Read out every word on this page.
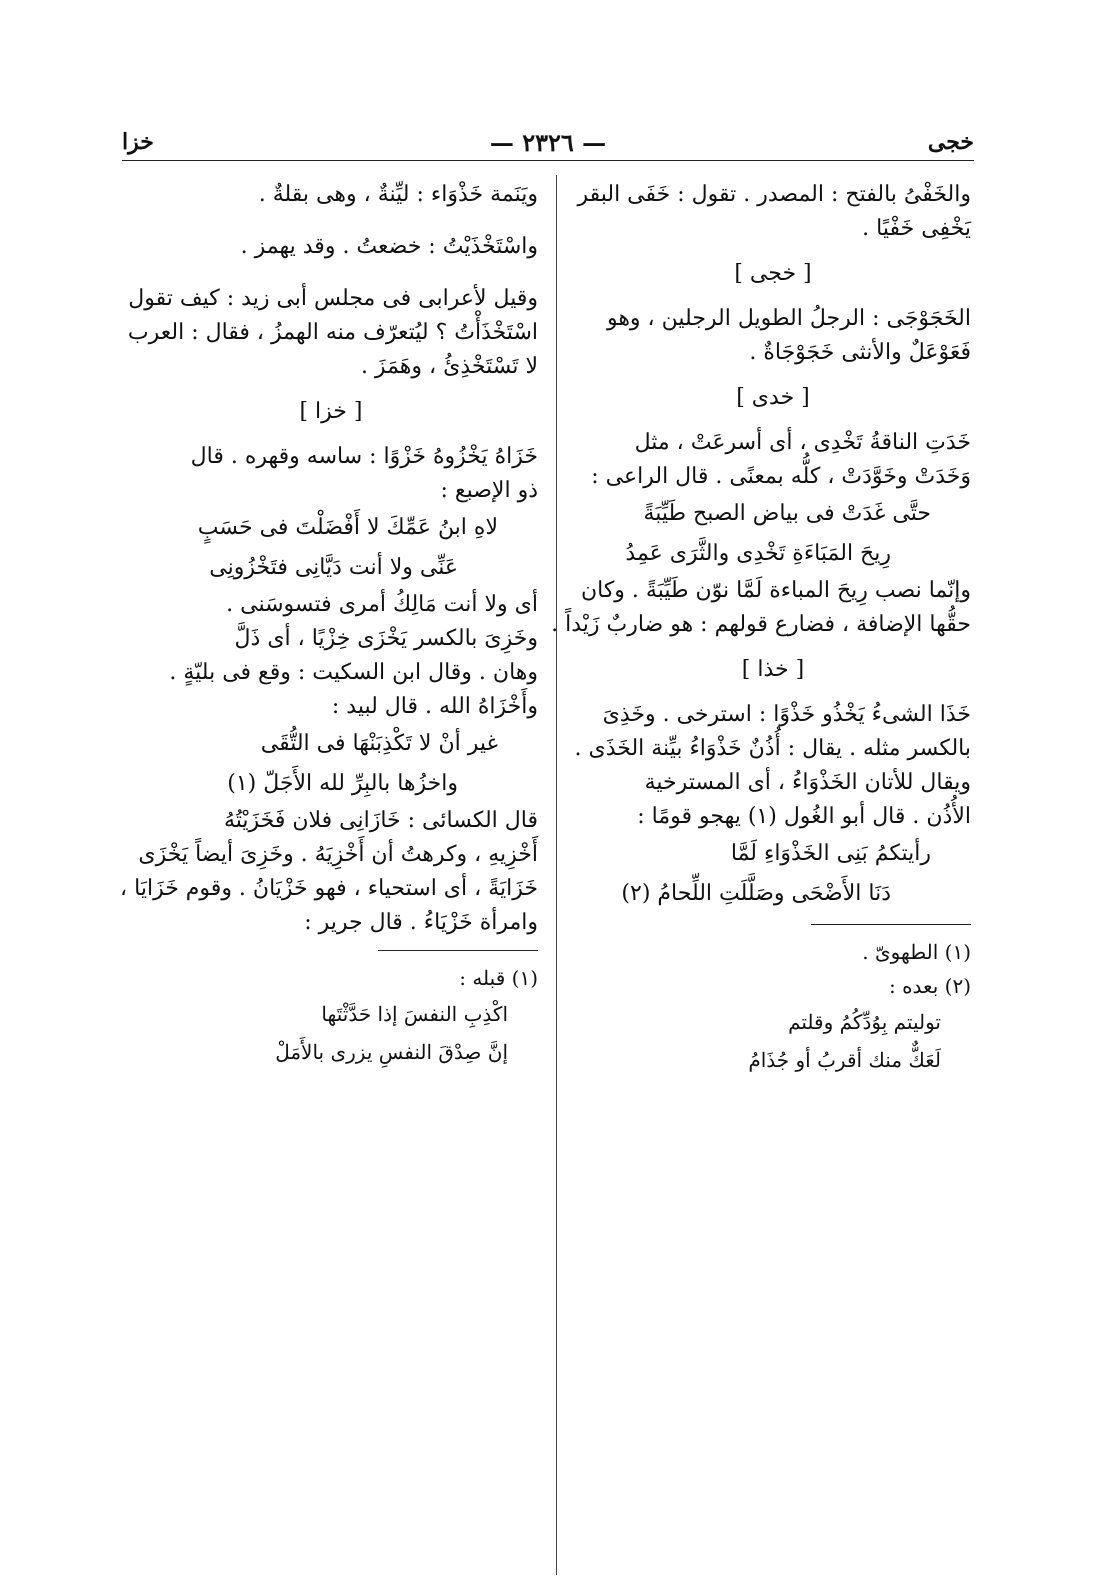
خجى
— ٢٣٢٦ —
خزا

والخَفْىُ بالفتح : المصدر . تقول : خَفَى البقر

يَخْفِى خَفْيًا .

[ خجى ]

الخَجَوْجَى : الرجلُ الطويل الرجلين ، وهو

فَعَوْعَلٌ والأنثى خَجَوْجَاةٌ .

[ خدى ]

خَدَتِ الناقةُ تَخْدِى ، أى أسرعَتْ ، مثل

وَخَدَتْ وخَوَّدَتْ ، كلُّه بمعنًى . قال الراعى :

حتَّى غَدَتْ فى بياض الصبح طَيِّبَةً
رِيحَ المَبَاءَةِ تَخْدِى والثَّرَى عَمِدُ

وإنّما نصب رِيحَ المباءة لَمَّا نوّن طَيِّبَةً . وكان

حقُّها الإضافة ، فضارع قولهم : هو ضاربٌ زَيْداً .

[ خذا ]

خَذَا الشىءُ يَخْذُو خَذْوًا : استرخى . وخَذِىَ

بالكسر مثله . يقال : أُذُنٌ خَذْوَاءُ بيِّنة الخَذَى .

ويقال للأتان الخَذْوَاءُ ، أى المسترخية

الأُذُن . قال أبو الغُول (١) يهجو قومًا :

رأيتكمُ بَنِى الخَذْوَاءِ لَمَّا
دَنَا الأَضْحَى وصَلَّلَتِ اللِّحامُ (٢)
(١) الطهوىّ .
(٢) بعده :
توليتم بِوُدِّكُمُ وقلتم
لَعَكٌّ منك أقربُ أو جُذَامُ

ويَنَمة خَذْوَاء : ليِّنةٌ ، وهى بقلةٌ .

واسْتَخْذَيْتُ : خضعتُ . وقد يهمز .

وقيل لأعرابى فى مجلس أبى زيد : كيف تقول

اسْتَخْذَأْتُ ؟ ليُتعرّف منه الهمزُ ، فقال : العرب

لا تَسْتَخْذِئُ ، وهَمَزَ .

[ خزا ]

خَزَاهُ يَخْزُوهُ خَزْوًا : ساسه وقهره . قال

ذو الإصبع :

لاهِ ابنُ عَمِّكَ لا أَفْضَلْتَ فى حَسَبٍ
عَنِّى ولا أنت دَيَّانِى فتَخْزُونِى

أى ولا أنت مَالِكُ أمرى فتسوسَنى .

وخَزِىَ بالكسر يَخْزَى خِزْيًا ، أى ذَلَّ

وهان . وقال ابن السكيت : وقع فى بليّةٍ .

وأَخْزَاهُ الله . قال لبيد :

غير أنْ لا تَكْذِبَنْهَا فى التُّقَى
واخزُها بالبِرِّ لله الأَجَلّ (١)

قال الكسائى : خَازَانِى فلان فَخَزَيْتُهُ

أَخْزِيهِ ، وكرهتُ أن أَخْزِيَهُ . وخَزِىَ أيضاً يَخْزَى

خَزَايَةً ، أى استحياء ، فهو خَزْيَانُ . وقوم خَزَايَا ،

وامرأة خَزْيَاءُ . قال جرير :

(١) قبله :
اكْذِبِ النفسَ إذا حَدَّثْتَها
إنَّ صِدْقَ النفسِ يزرى بالأَمَلْ
